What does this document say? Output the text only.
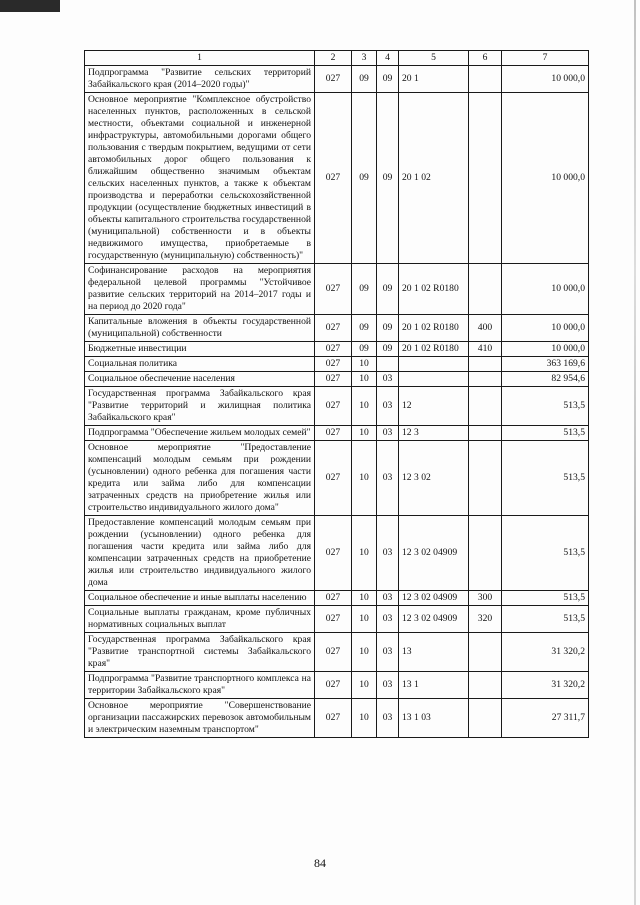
1	2	3	4	5	6	7
Подпрограмма "Развитие сельских территорий Забайкальского края (2014–2020 годы)"	027	09	09	20 1		10 000,0
Основное мероприятие "Комплексное обустройство населенных пунктов, расположенных в сельской местности, объектами социальной и инженерной инфраструктуры, автомобильными дорогами общего пользования с твердым покрытием, ведущими от сети автомобильных дорог общего пользования к ближайшим общественно значимым объектам сельских населенных пунктов, а также к объектам производства и переработки сельскохозяйственной продукции (осуществление бюджетных инвестиций в объекты капитального строительства государственной (муниципальной) собственности и в объекты недвижимого имущества, приобретаемые в государственную (муниципальную) собственность)"	027	09	09	20 1 02		10 000,0
Софинансирование расходов на мероприятия федеральной целевой программы "Устойчивое развитие сельских территорий на 2014–2017 годы и на период до 2020 года"	027	09	09	20 1 02 R0180		10 000,0
Капитальные вложения в объекты государственной (муниципальной) собственности	027	09	09	20 1 02 R0180	400	10 000,0
Бюджетные инвестиции	027	09	09	20 1 02 R0180	410	10 000,0
Социальная политика	027	10				363 169,6
Социальное обеспечение населения	027	10	03			82 954,6
Государственная программа Забайкальского края "Развитие территорий и жилищная политика Забайкальского края"	027	10	03	12		513,5
Подпрограмма "Обеспечение жильем молодых семей"	027	10	03	12 3		513,5
Основное мероприятие "Предоставление компенсаций молодым семьям при рождении (усыновлении) одного ребенка для погашения части кредита или займа либо для компенсации затраченных средств на приобретение жилья или строительство индивидуального жилого дома"	027	10	03	12 3 02		513,5
Предоставление компенсаций молодым семьям при рождении (усыновлении) одного ребенка для погашения части кредита или займа либо для компенсации затраченных средств на приобретение жилья или строительство индивидуального жилого дома	027	10	03	12 3 02 04909		513,5
Социальное обеспечение и иные выплаты населению	027	10	03	12 3 02 04909	300	513,5
Социальные выплаты гражданам, кроме публичных нормативных социальных выплат	027	10	03	12 3 02 04909	320	513,5
Государственная программа Забайкальского края "Развитие транспортной системы Забайкальского края"	027	10	03	13		31 320,2
Подпрограмма "Развитие транспортного комплекса на территории Забайкальского края"	027	10	03	13 1		31 320,2
Основное мероприятие "Совершенствование организации пассажирских перевозок автомобильным и электрическим наземным транспортом"	027	10	03	13 1 03		27 311,7
84
